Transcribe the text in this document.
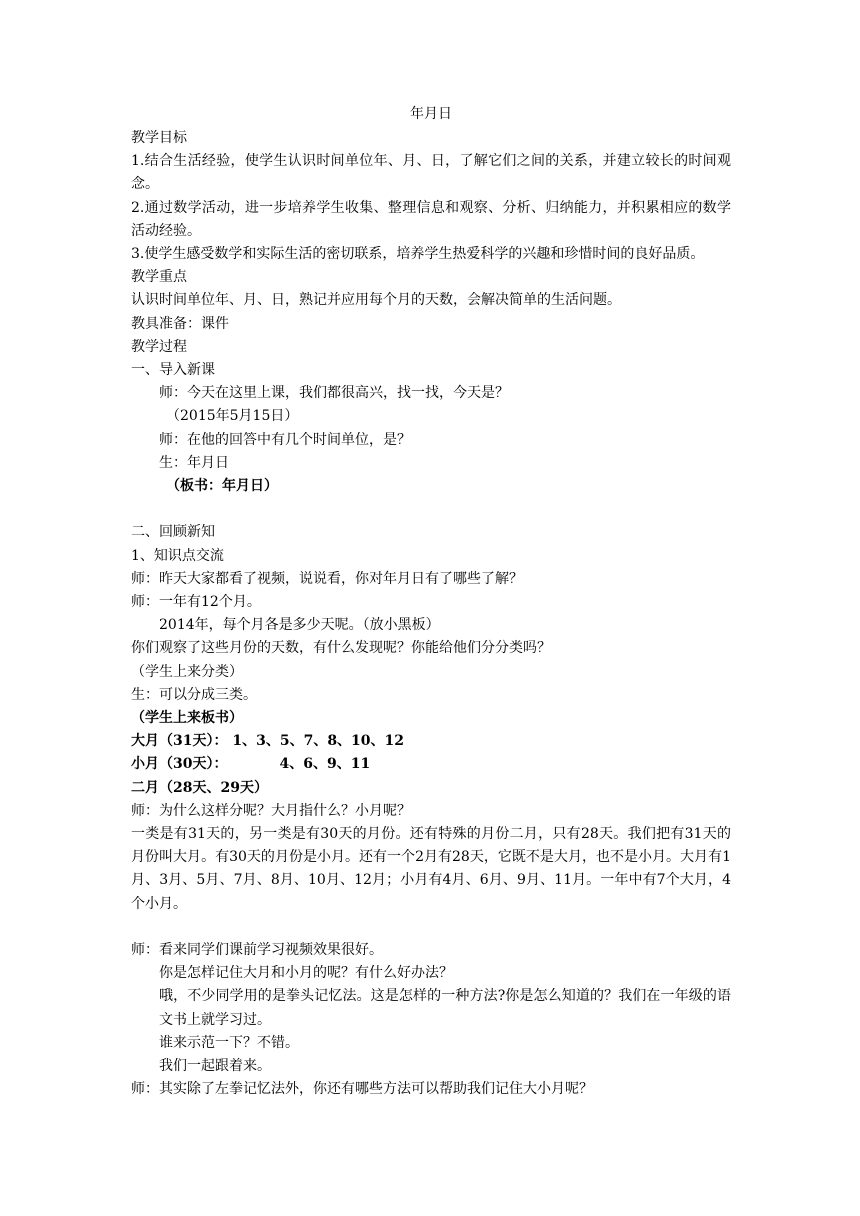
年月日

教学目标

1.结合生活经验，使学生认识时间单位年、月、日，了解它们之间的关系，并建立较长的时间观念。

2.通过数学活动，进一步培养学生收集、整理信息和观察、分析、归纳能力，并积累相应的数学活动经验。

3.使学生感受数学和实际生活的密切联系，培养学生热爱科学的兴趣和珍惜时间的良好品质。

教学重点

认识时间单位年、月、日，熟记并应用每个月的天数，会解决简单的生活问题。

教具准备：课件

教学过程

一、导入新课

师：今天在这里上课，我们都很高兴，找一找，今天是？

（2015年5月15日）

师：在他的回答中有几个时间单位，是？

生：年月日

（板书：年月日）

二、回顾新知

1、知识点交流

师：昨天大家都看了视频，说说看，你对年月日有了哪些了解？

师：一年有12个月。

2014年，每个月各是多少天呢。（放小黑板）

你们观察了这些月份的天数，有什么发现呢？你能给他们分分类吗？

（学生上来分类）

生：可以分成三类。

（学生上来板书）

大月（31天）： 1、3、5、7、8、10、12

小月（30天）：	4、6、9、11

二月（28天、29天）

师：为什么这样分呢？大月指什么？小月呢？

一类是有31天的，另一类是有30天的月份。还有特殊的月份二月，只有28天。我们把有31天的月份叫大月。有30天的月份是小月。还有一个2月有28天，它既不是大月，也不是小月。大月有1月、3月、5月、7月、8月、10月、12月；小月有4月、6月、9月、11月。一年中有7个大月，4个小月。

师：看来同学们课前学习视频效果很好。

你是怎样记住大月和小月的呢？有什么好办法？

哦，不少同学用的是拳头记忆法。这是怎样的一种方法?你是怎么知道的？我们在一年级的语文书上就学习过。

谁来示范一下？不错。

我们一起跟着来。

师：其实除了左拳记忆法外，你还有哪些方法可以帮助我们记住大小月呢？
